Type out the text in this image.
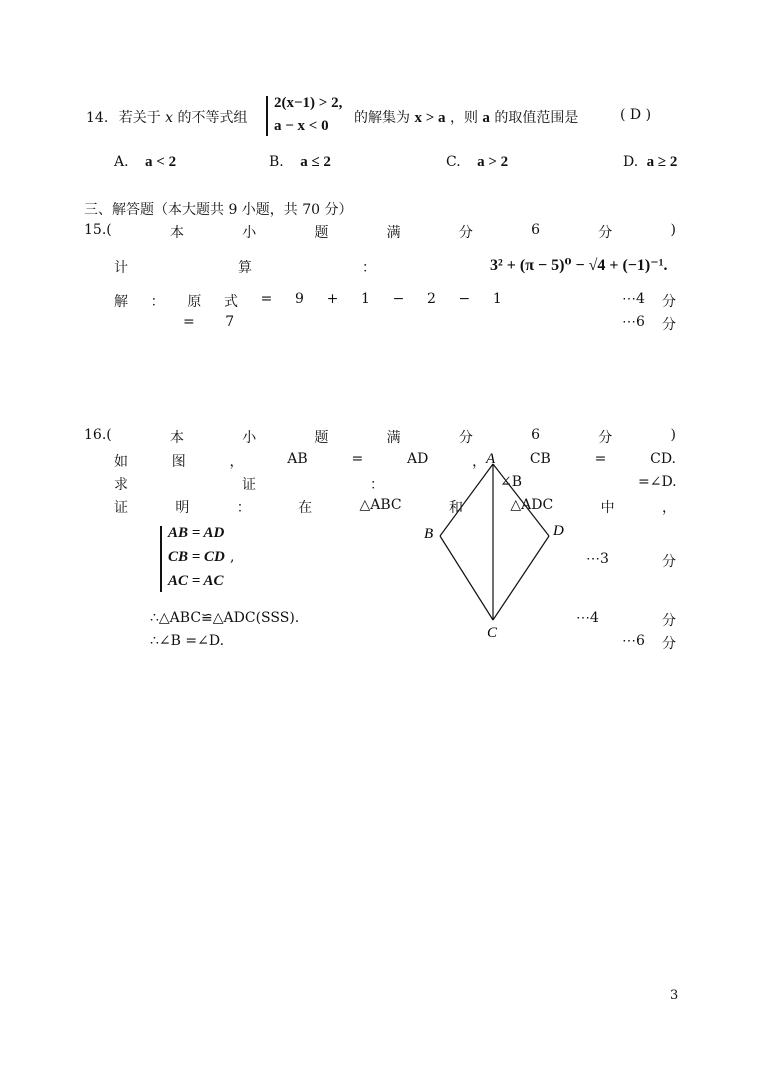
14. 若关于 x 的不等式组
2(x−1) > 2,
a − x < 0 的解集为 x > a ，则 a 的取值范围是	( D )
A. a < 2	B. a ≤ 2	C. a > 2	D. a ≥ 2
三、解答题（本大题共 9 小题，共 70 分）
15.(	本	小	题	满	分	6	分	)
计	算	：	3² + (π − 5)⁰ − √4 + (−1)⁻¹.
解 ： 原 式 = 9 + 1 − 2 − 1	⋯4 分
= 7	⋯6 分
16.(	本	小	题	满	分	6	分	)
如	图	，	AB	=	AD	，	CB	=	CD.
求	证	：	∠B	=∠D.
证	明	：	在	△ABC	和	△ADC	中	，
AB = AD
CB = CD ,
AC = AC
⋯3	分
∴△ABC≌△ADC(SSS).	⋯4	分
∴∠B =∠D.	⋯6 分
A
B
C
D
3
